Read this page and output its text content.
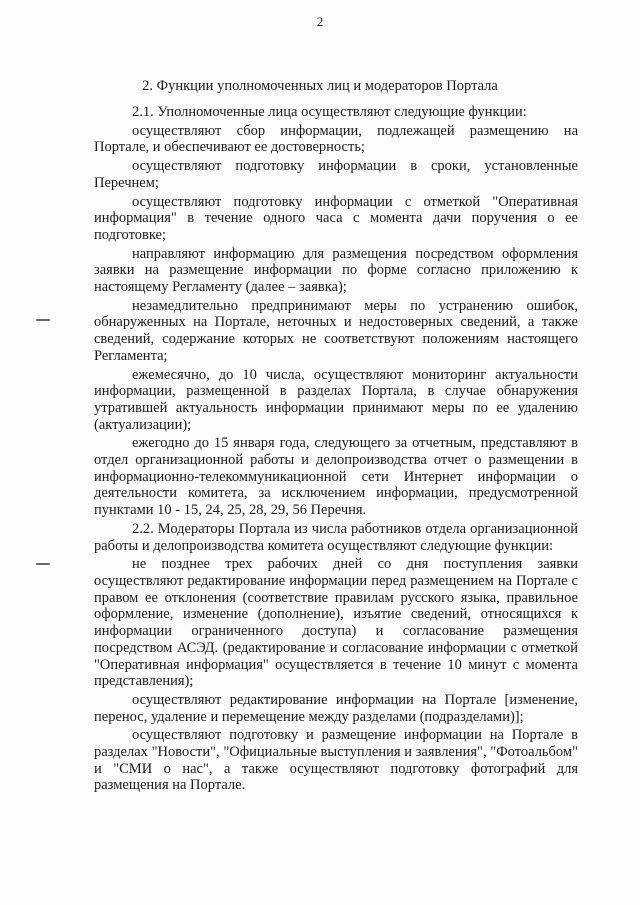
2
2. Функции уполномоченных лиц и модераторов Портала

2.1. Уполномоченные лица осуществляют следующие функции:

осуществляют сбор информации, подлежащей размещению на Портале, и обеспечивают ее достоверность;

осуществляют подготовку информации в сроки, установленные Перечнем;

осуществляют подготовку информации с отметкой "Оперативная информация" в течение одного часа с момента дачи поручения о ее подготовке;

направляют информацию для размещения посредством оформления заявки на размещение информации по форме согласно приложению к настоящему Регламенту (далее – заявка);

незамедлительно предпринимают меры по устранению ошибок, обнаруженных на Портале, неточных и недостоверных сведений, а также сведений, содержание которых не соответствуют положениям настоящего Регламента;

ежемесячно, до 10 числа, осуществляют мониторинг актуальности информации, размещенной в разделах Портала, в случае обнаружения утратившей актуальность информации принимают меры по ее удалению (актуализации);

ежегодно до 15 января года, следующего за отчетным, представляют в отдел организационной работы и делопроизводства отчет о размещении в информационно-телекоммуникационной сети Интернет информации о деятельности комитета, за исключением информации, предусмотренной пунктами 10 - 15, 24, 25, 28, 29, 56 Перечня.

2.2. Модераторы Портала из числа работников отдела организационной работы и делопроизводства комитета осуществляют следующие функции:

не позднее трех рабочих дней со дня поступления заявки осуществляют редактирование информации перед размещением на Портале с правом ее отклонения (соответствие правилам русского языка, правильное оформление, изменение (дополнение), изъятие сведений, относящихся к информации ограниченного доступа) и согласование размещения посредством АСЭД. (редактирование и согласование информации с отметкой "Оперативная информация" осуществляется в течение 10 минут с момента представления);

осуществляют редактирование информации на Портале [изменение, перенос, удаление и перемещение между разделами (подразделами)];

осуществляют подготовку и размещение информации на Портале в разделах "Новости", "Официальные выступления и заявления", "Фотоальбом" и "СМИ о нас", а также осуществляют подготовку фотографий для размещения на Портале.
